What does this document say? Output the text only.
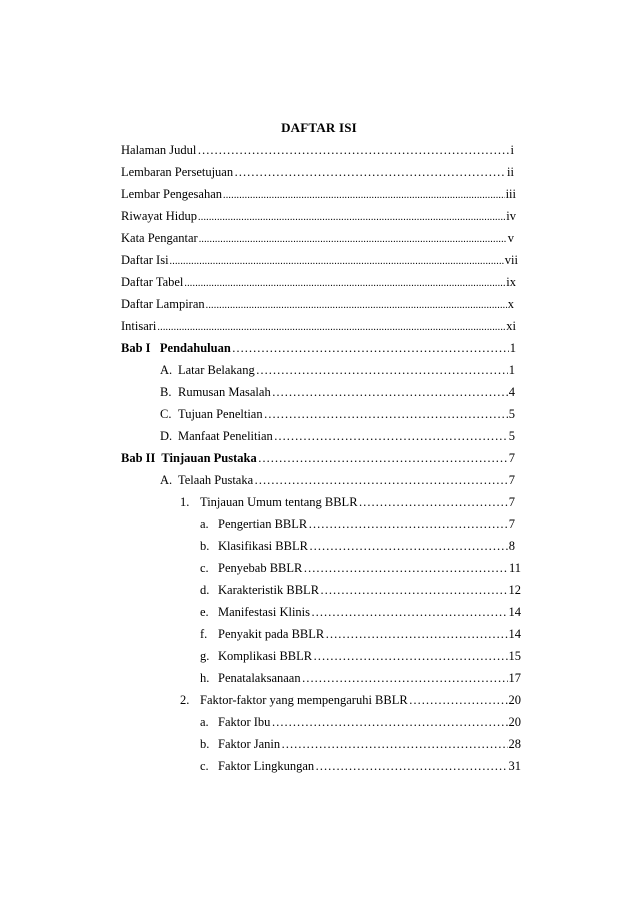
DAFTAR ISI
Halaman Judul …………………………………………………………………………………………………………………………………………………………………	i
Lembaran Persetujuan …………………………………………………………………………………………………………………………………………………………………	ii
Lembar Pengesahan .....	iii
Riwayat Hidup .....	iv
Kata Pengantar .....	v
Daftar Isi .....	vii
Daftar Tabel .....	ix
Daftar Lampiran .....	x
Intisari .....	xi
Bab I   Pendahuluan …………………………………………………………………………………………………………………………………………………………………	1
A. Latar Belakang …………………………………………………………………………………………………………………………………………………………………	1
B. Rumusan Masalah …………………………………………………………………………………………………………………………………………………………………	4
C. Tujuan Peneltian …………………………………………………………………………………………………………………………………………………………………	5
D. Manfaat Penelitian …………………………………………………………………………………………………………………………………………………………………	5
Bab II  Tinjauan Pustaka …………………………………………………………………………………………………………………………………………………………………	7
A. Telaah Pustaka …………………………………………………………………………………………………………………………………………………………………	7
1. Tinjauan Umum tentang BBLR …………………………………………………………………………………………………………………………………………………………………	7
a. Pengertian BBLR …………………………………………………………………………………………………………………………………………………………………	7
b. Klasifikasi BBLR …………………………………………………………………………………………………………………………………………………………………	8
c. Penyebab BBLR …………………………………………………………………………………………………………………………………………………………………	11
d. Karakteristik BBLR …………………………………………………………………………………………………………………………………………………………………	12
e. Manifestasi Klinis …………………………………………………………………………………………………………………………………………………………………	14
f. Penyakit pada BBLR …………………………………………………………………………………………………………………………………………………………………	14
g. Komplikasi BBLR …………………………………………………………………………………………………………………………………………………………………	15
h. Penatalaksanaan …………………………………………………………………………………………………………………………………………………………………	17
2. Faktor-faktor yang mempengaruhi BBLR …………………………………………………………………………………………………………………………………………………………………	20
a. Faktor Ibu …………………………………………………………………………………………………………………………………………………………………	20
b. Faktor Janin …………………………………………………………………………………………………………………………………………………………………	28
c. Faktor Lingkungan …………………………………………………………………………………………………………………………………………………………………	31
